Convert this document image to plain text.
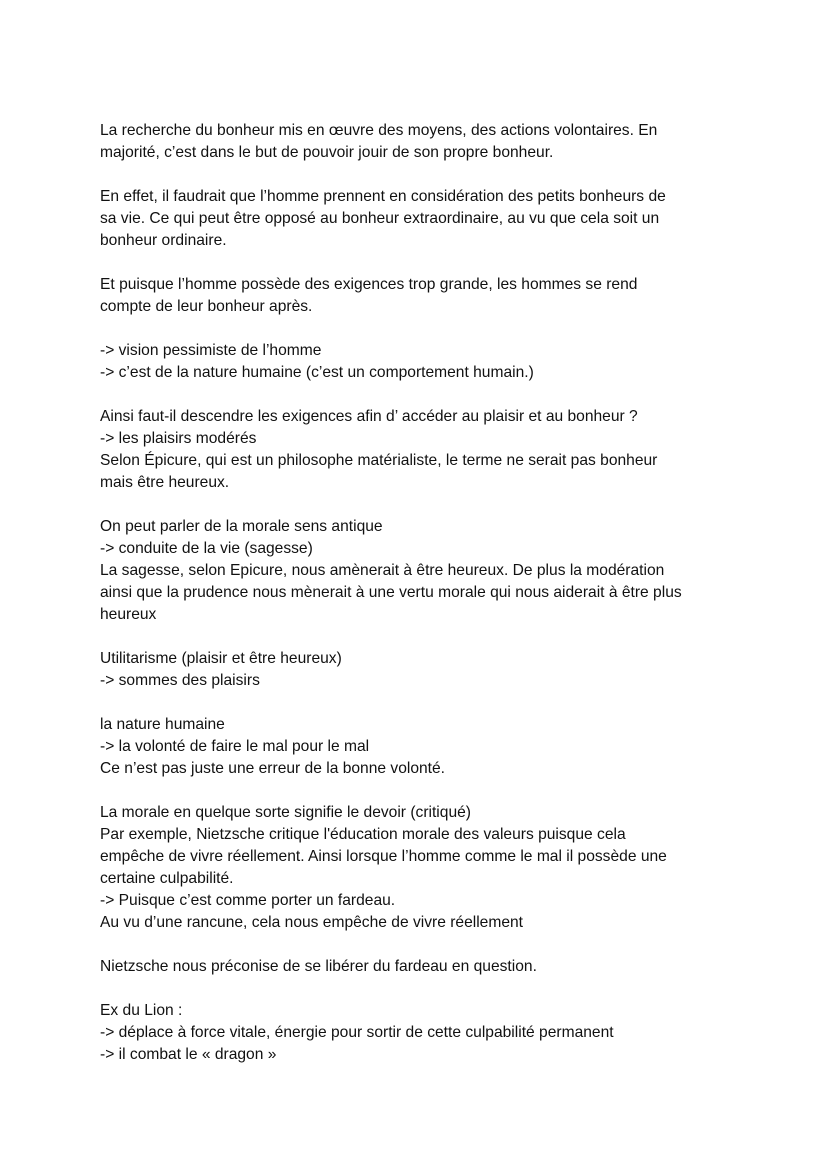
La recherche du bonheur mis en œuvre des moyens, des actions volontaires. En
majorité, c’est dans le but de pouvoir jouir de son propre bonheur.
En effet, il faudrait que l’homme prennent en considération des petits bonheurs de
sa vie. Ce qui peut être opposé au bonheur extraordinaire, au vu que cela soit un
bonheur ordinaire.
Et puisque l’homme possède des exigences trop grande, les hommes se rend
compte de leur bonheur après.
-> vision pessimiste de l’homme
-> c’est de la nature humaine (c’est un comportement humain.)
Ainsi faut-il descendre les exigences afin d’ accéder au plaisir et au bonheur ?
-> les plaisirs modérés
Selon Épicure, qui est un philosophe matérialiste, le terme ne serait pas bonheur
mais être heureux.
On peut parler de la morale sens antique
-> conduite de la vie (sagesse)
La sagesse, selon Epicure, nous amènerait à être heureux. De plus la modération
ainsi que la prudence nous mènerait à une vertu morale qui nous aiderait à être plus
heureux
Utilitarisme (plaisir et être heureux)
-> sommes des plaisirs
la nature humaine
-> la volonté de faire le mal pour le mal
Ce n’est pas juste une erreur de la bonne volonté.
La morale en quelque sorte signifie le devoir (critiqué)
Par exemple, Nietzsche critique l'éducation morale des valeurs puisque cela
empêche de vivre réellement. Ainsi lorsque l’homme comme le mal il possède une
certaine culpabilité.
-> Puisque c’est comme porter un fardeau.
Au vu d’une rancune, cela nous empêche de vivre réellement
Nietzsche nous préconise de se libérer du fardeau en question.
Ex du Lion :
-> déplace à force vitale, énergie pour sortir de cette culpabilité permanent
-> il combat le « dragon »
